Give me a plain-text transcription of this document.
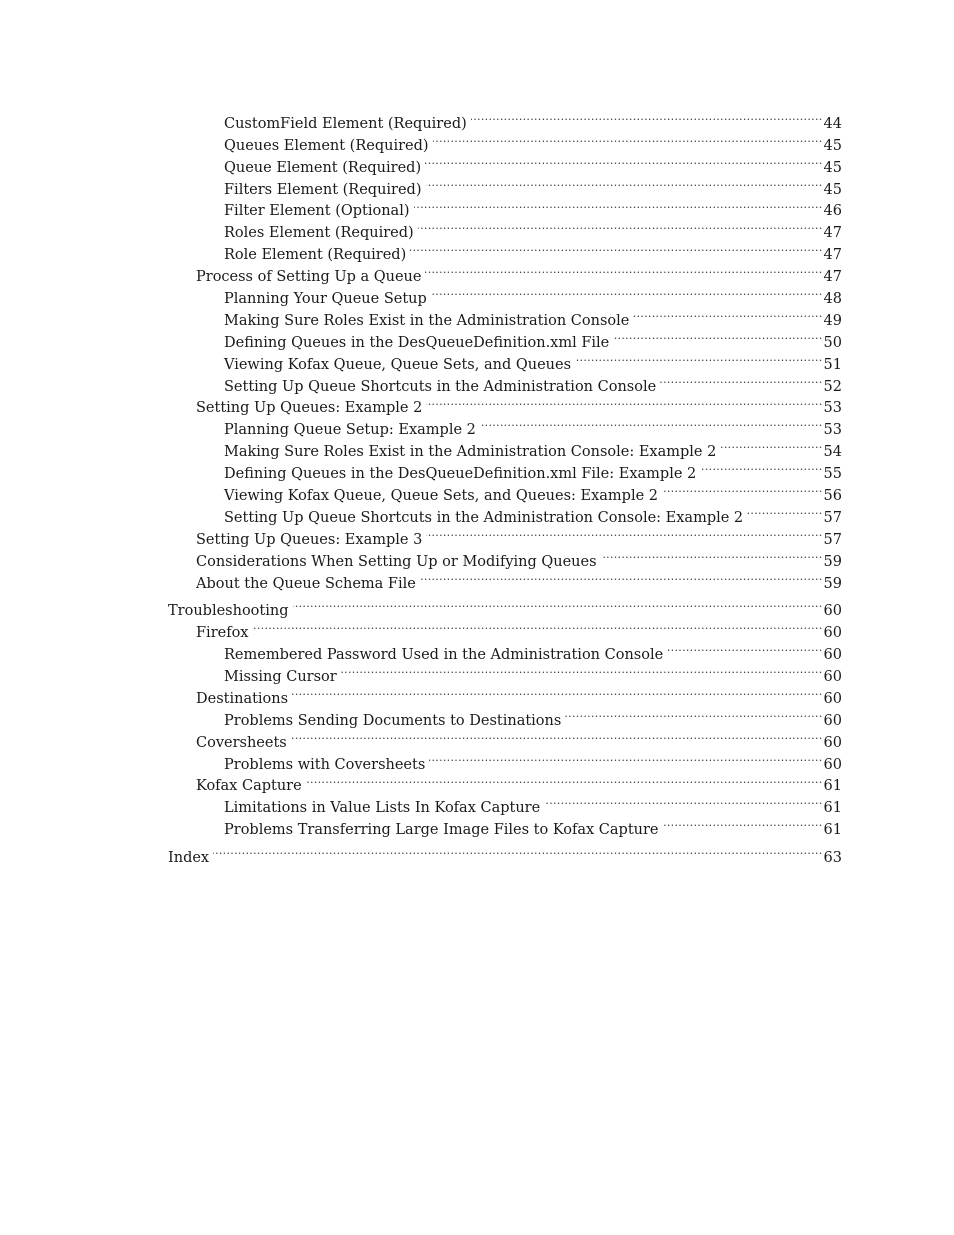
CustomField Element (Required) .....	44
Queues Element (Required) .....	45
Queue Element (Required) .....	45
Filters Element (Required) .....	45
Filter Element (Optional) .....	46
Roles Element (Required) .....	47
Role Element (Required) .....	47
Process of Setting Up a Queue .....	47
Planning Your Queue Setup .....	48
Making Sure Roles Exist in the Administration Console .....	49
Defining Queues in the DesQueueDefinition.xml File .....	50
Viewing Kofax Queue, Queue Sets, and Queues .....	51
Setting Up Queue Shortcuts in the Administration Console .....	52
Setting Up Queues: Example 2 .....	53
Planning Queue Setup: Example 2 .....	53
Making Sure Roles Exist in the Administration Console: Example 2 .....	54
Defining Queues in the DesQueueDefinition.xml File: Example 2 .....	55
Viewing Kofax Queue, Queue Sets, and Queues: Example 2 .....	56
Setting Up Queue Shortcuts in the Administration Console: Example 2 .....	57
Setting Up Queues: Example 3 .....	57
Considerations When Setting Up or Modifying Queues .....	59
About the Queue Schema File .....	59
Troubleshooting .....	60
Firefox .....	60
Remembered Password Used in the Administration Console .....	60
Missing Cursor .....	60
Destinations .....	60
Problems Sending Documents to Destinations .....	60
Coversheets .....	60
Problems with Coversheets .....	60
Kofax Capture .....	61
Limitations in Value Lists In Kofax Capture .....	61
Problems Transferring Large Image Files to Kofax Capture .....	61
Index .....	63
